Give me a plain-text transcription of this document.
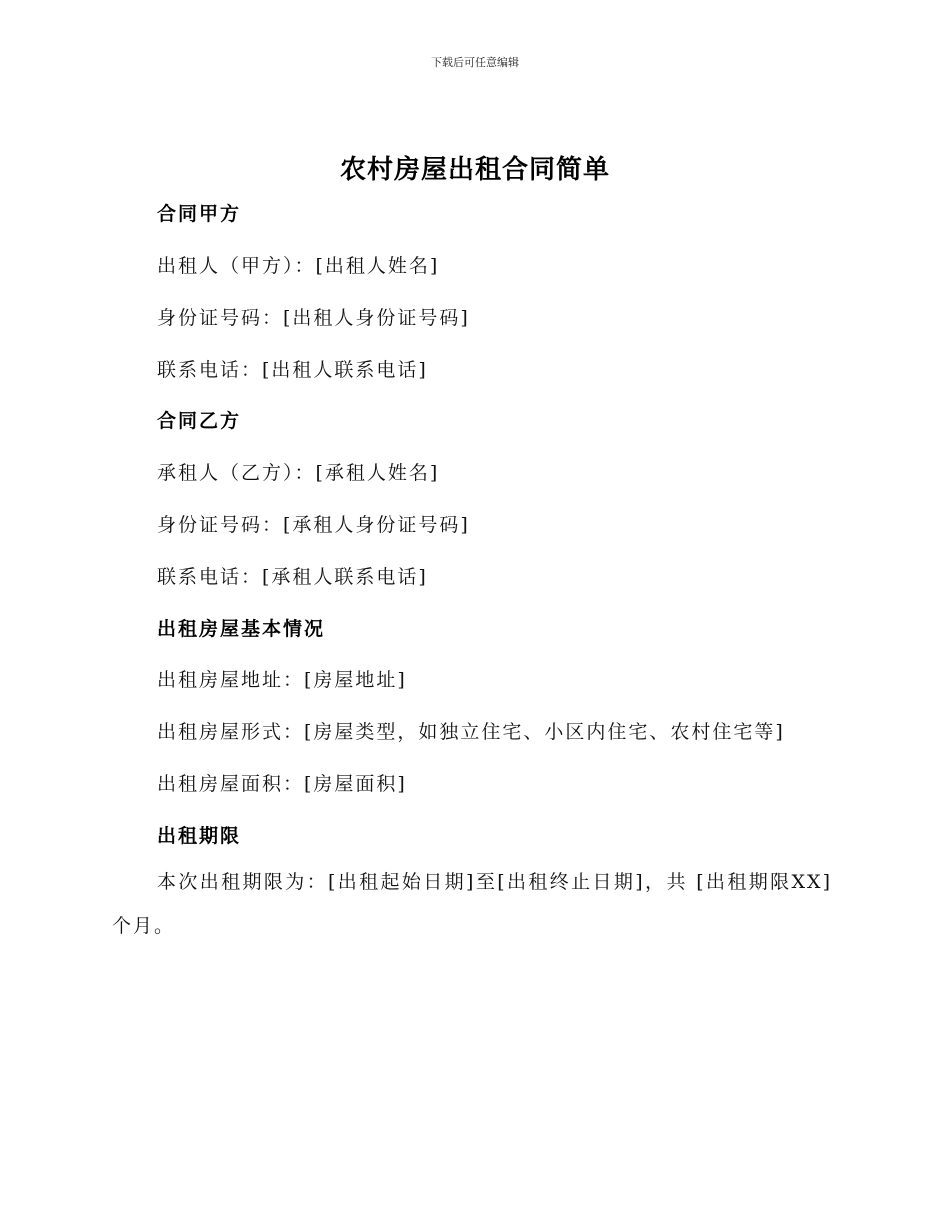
下载后可任意编辑
农村房屋出租合同简单
合同甲方
出租人（甲方）：[出租人姓名]
身份证号码：[出租人身份证号码]
联系电话：[出租人联系电话]
合同乙方
承租人（乙方）：[承租人姓名]
身份证号码：[承租人身份证号码]
联系电话：[承租人联系电话]
出租房屋基本情况
出租房屋地址：[房屋地址]
出租房屋形式：[房屋类型，如独立住宅、小区内住宅、农村住宅等]
出租房屋面积：[房屋面积]
出租期限
本次出租期限为：[出租起始日期]至[出租终止日期]，共 [出租期限XX]个月。
